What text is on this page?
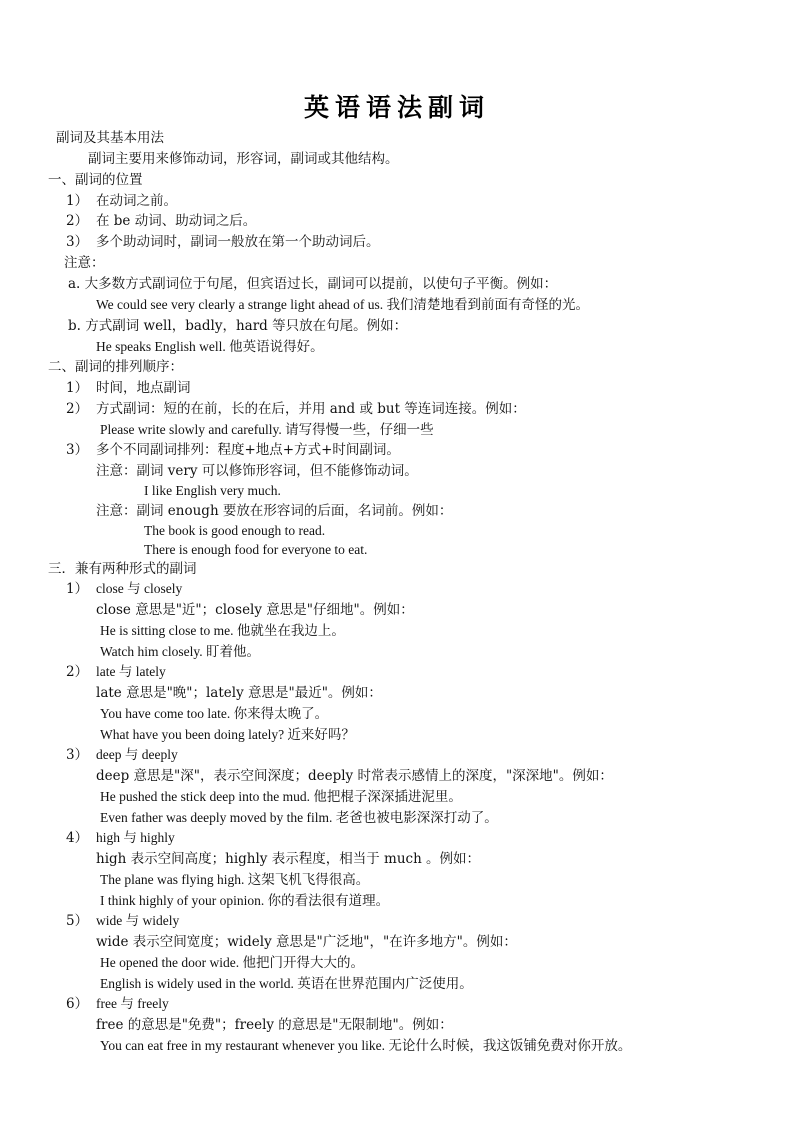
英语语法副词
副词及其基本用法
副词主要用来修饰动词，形容词，副词或其他结构。
一、副词的位置
1） 在动词之前。
2） 在 be 动词、助动词之后。
3） 多个助动词时，副词一般放在第一个助动词后。
注意：
a. 大多数方式副词位于句尾，但宾语过长，副词可以提前，以使句子平衡。例如：
We could see very clearly a strange light ahead of us. 我们清楚地看到前面有奇怪的光。
b. 方式副词 well，badly，hard 等只放在句尾。例如：
He speaks English well. 他英语说得好。
二、副词的排列顺序：
1） 时间，地点副词
2） 方式副词：短的在前，长的在后，并用 and 或 but 等连词连接。例如：
Please write slowly and carefully. 请写得慢一些，仔细一些
3） 多个不同副词排列：程度+地点+方式+时间副词。
注意：副词 very 可以修饰形容词，但不能修饰动词。
I like English very much.
注意：副词 enough 要放在形容词的后面，名词前。例如：
The book is good enough to read.
There is enough food for everyone to eat.
三．兼有两种形式的副词
1） close 与 closely
close 意思是"近"；closely 意思是"仔细地"。例如：
He is sitting close to me. 他就坐在我边上。
Watch him closely. 盯着他。
2） late 与 lately
late 意思是"晚"；lately 意思是"最近"。例如：
You have come too late. 你来得太晚了。
What have you been doing lately? 近来好吗？
3） deep 与 deeply
deep 意思是"深"，表示空间深度；deeply 时常表示感情上的深度，"深深地"。例如：
He pushed the stick deep into the mud. 他把棍子深深插进泥里。
Even father was deeply moved by the film. 老爸也被电影深深打动了。
4） high 与 highly
high 表示空间高度；highly 表示程度，相当于 much 。例如：
The plane was flying high. 这架飞机飞得很高。
I think highly of your opinion. 你的看法很有道理。
5） wide 与 widely
wide 表示空间宽度；widely 意思是"广泛地"，"在许多地方"。例如：
He opened the door wide. 他把门开得大大的。
English is widely used in the world. 英语在世界范围内广泛使用。
6） free 与 freely
free 的意思是"免费"；freely 的意思是"无限制地"。例如：
You can eat free in my restaurant whenever you like. 无论什么时候，我这饭铺免费对你开放。
